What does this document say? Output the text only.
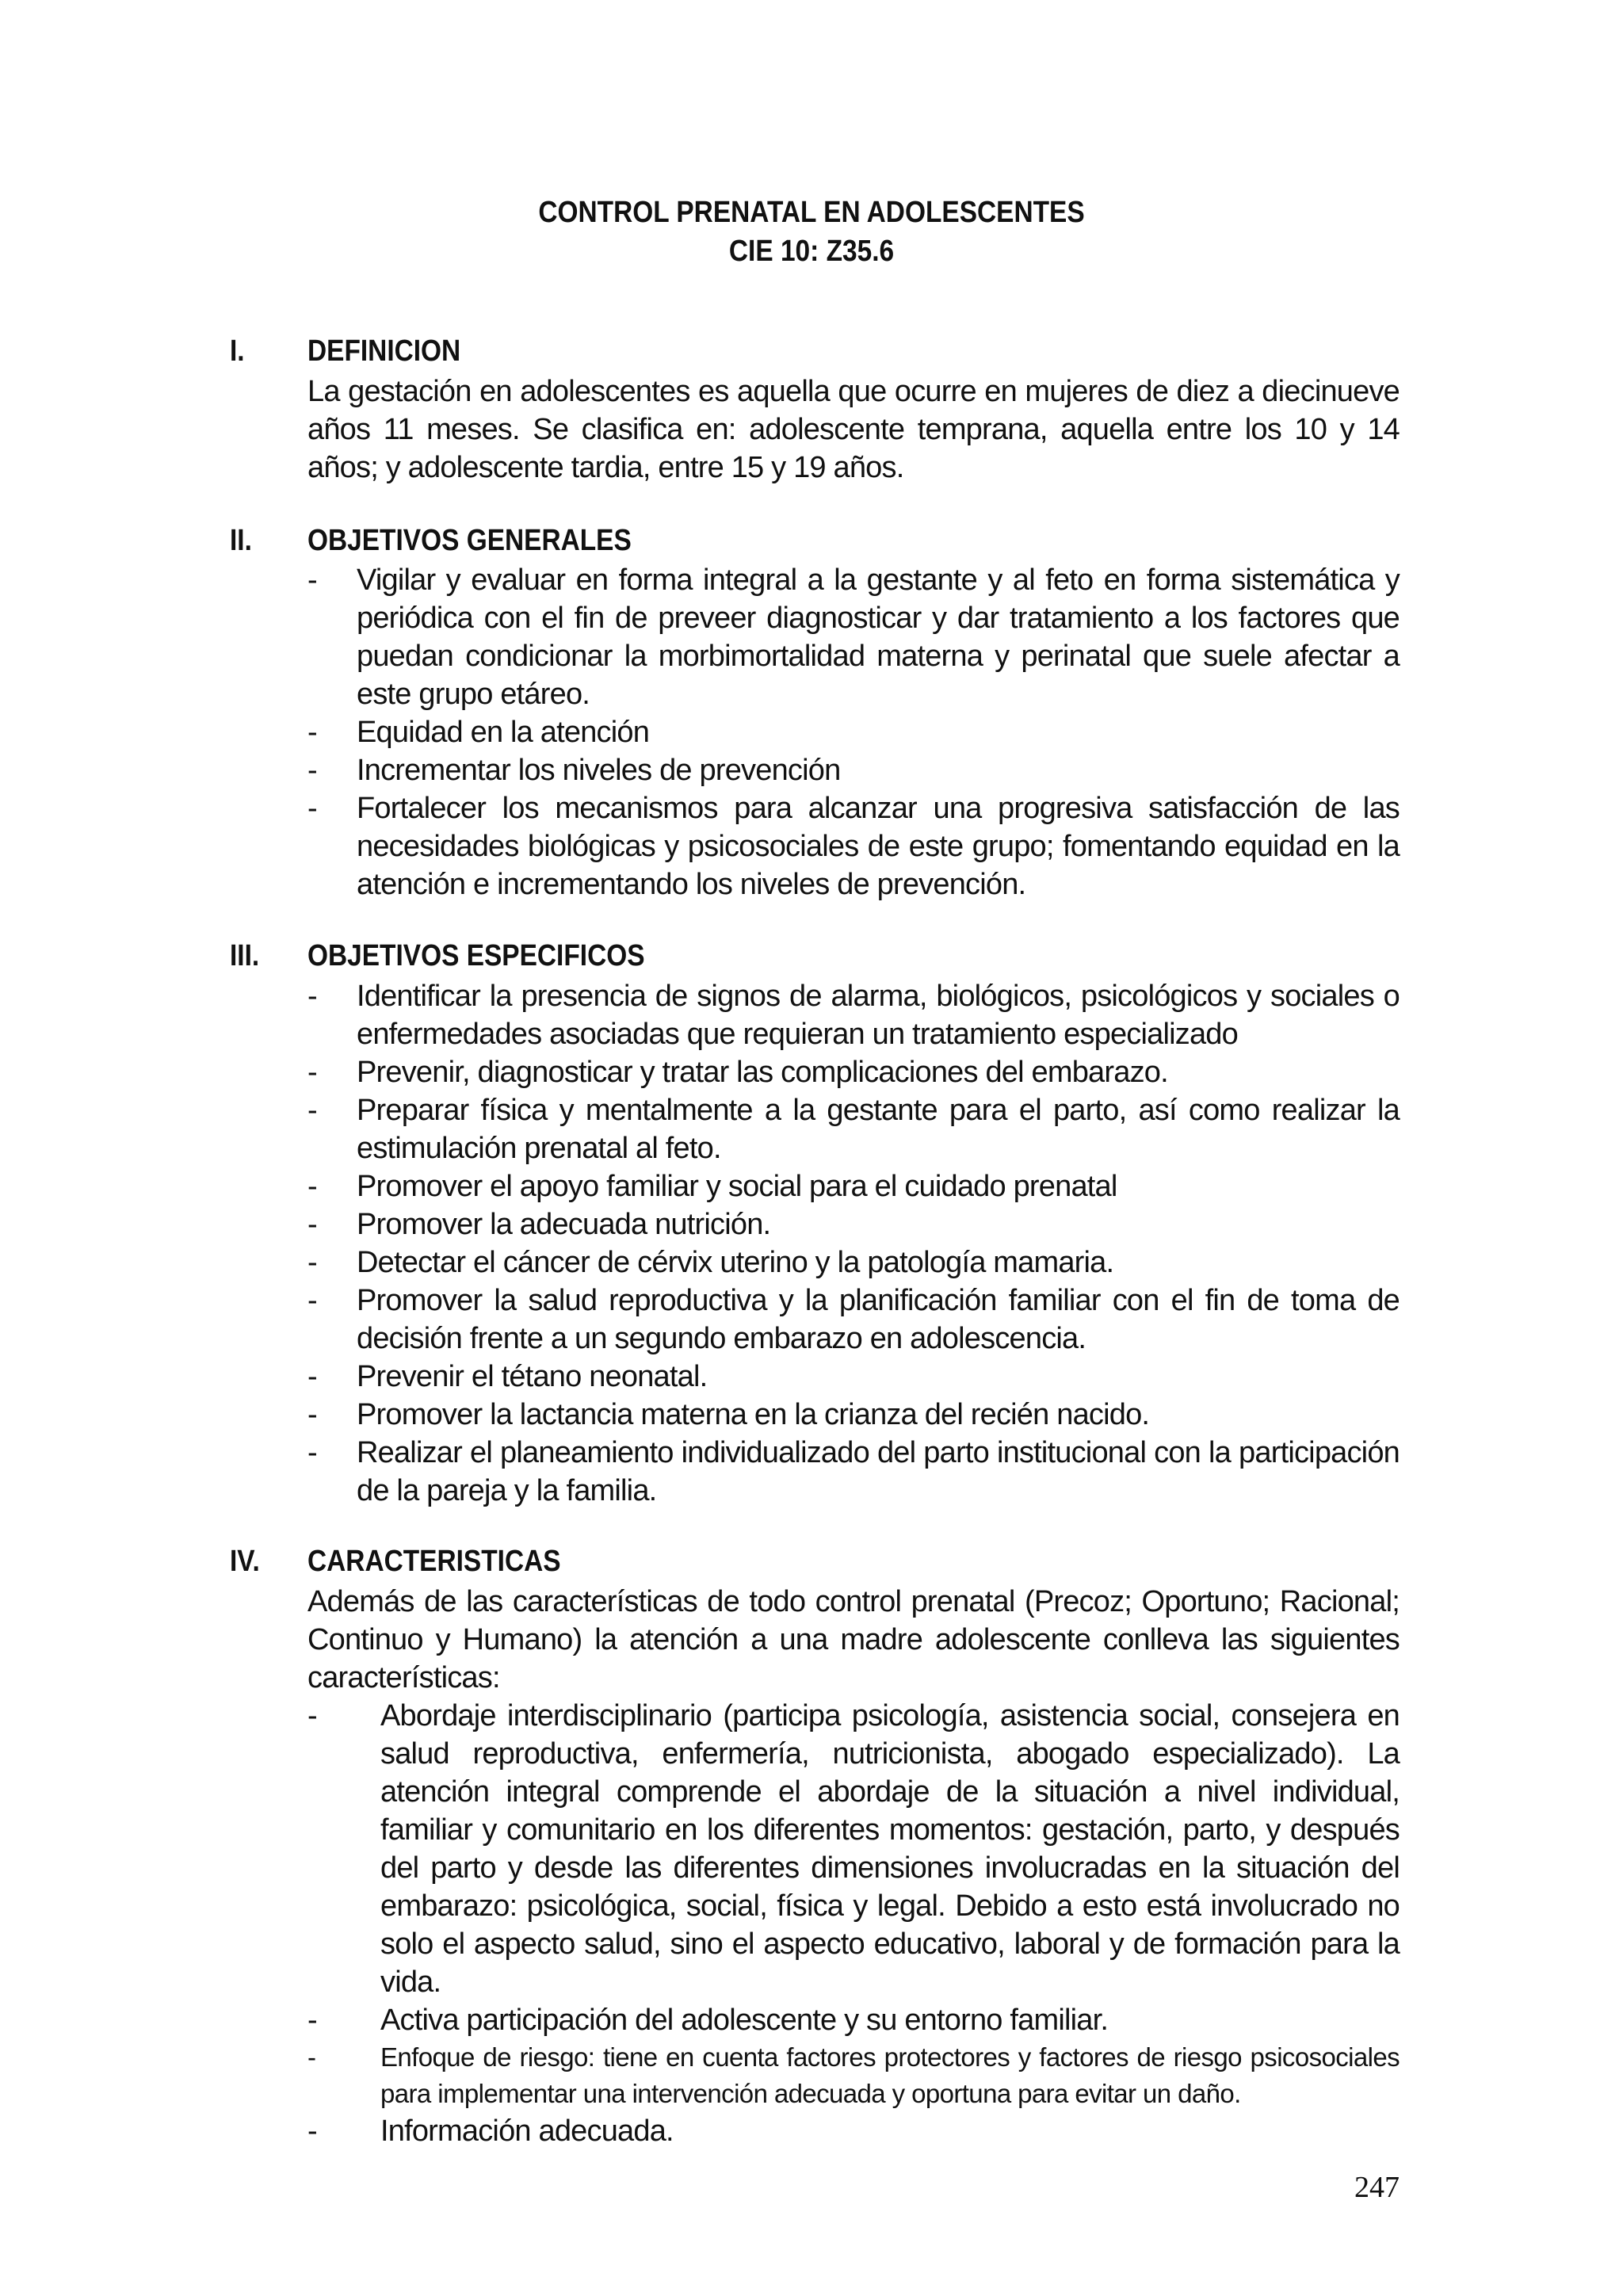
CONTROL PRENATAL EN ADOLESCENTES
CIE 10: Z35.6
I.	DEFINICION
La gestación en adolescentes es aquella que ocurre en mujeres de diez a diecinueve años 11 meses. Se clasifica en: adolescente temprana, aquella entre los 10 y 14 años; y adolescente tardia, entre 15 y 19 años.
II.	OBJETIVOS GENERALES
- Vigilar y evaluar en forma integral a la gestante y al feto en forma sistemática y periódica con el fin de preveer diagnosticar y dar tratamiento a los factores que puedan condicionar la morbimortalidad materna y perinatal que suele afectar a este grupo etáreo.
- Equidad en la atención
- Incrementar los niveles de prevención
- Fortalecer los mecanismos para alcanzar una progresiva satisfacción de las necesidades biológicas y psicosociales de este grupo; fomentando equidad en la atención e incrementando los niveles de prevención.
III.	OBJETIVOS ESPECIFICOS
- Identificar la presencia de signos de alarma, biológicos, psicológicos y sociales o enfermedades asociadas que requieran un tratamiento especializado
- Prevenir, diagnosticar y tratar las complicaciones del embarazo.
- Preparar física y mentalmente a la gestante para el parto, así como realizar la estimulación prenatal al feto.
- Promover el apoyo familiar y social para el cuidado prenatal
- Promover la adecuada nutrición.
- Detectar el cáncer de cérvix uterino y la patología mamaria.
- Promover la salud reproductiva y la planificación familiar con el fin de toma de decisión frente a un segundo embarazo en adolescencia.
- Prevenir el tétano neonatal.
- Promover la lactancia materna en la crianza del recién nacido.
- Realizar el planeamiento individualizado del parto institucional con la participación de la pareja y la familia.
IV.	CARACTERISTICAS
Además de las características de todo control prenatal (Precoz; Oportuno; Racional; Continuo y Humano) la atención a una madre adolescente conlleva las siguientes características:
- Abordaje interdisciplinario (participa psicología, asistencia social, consejera en salud reproductiva, enfermería, nutricionista, abogado especializado). La atención integral comprende el abordaje de la situación a nivel individual, familiar y comunitario en los diferentes momentos: gestación, parto, y después del parto y desde las diferentes dimensiones involucradas en la situación del embarazo: psicológica, social, física y legal. Debido a esto está involucrado no solo el aspecto salud, sino el aspecto educativo, laboral y de formación para la vida.
- Activa participación del adolescente y su entorno familiar.
- Enfoque de riesgo: tiene en cuenta factores protectores y factores de riesgo psicosociales para implementar una intervención adecuada y oportuna para evitar un daño.
- Información adecuada.
247
